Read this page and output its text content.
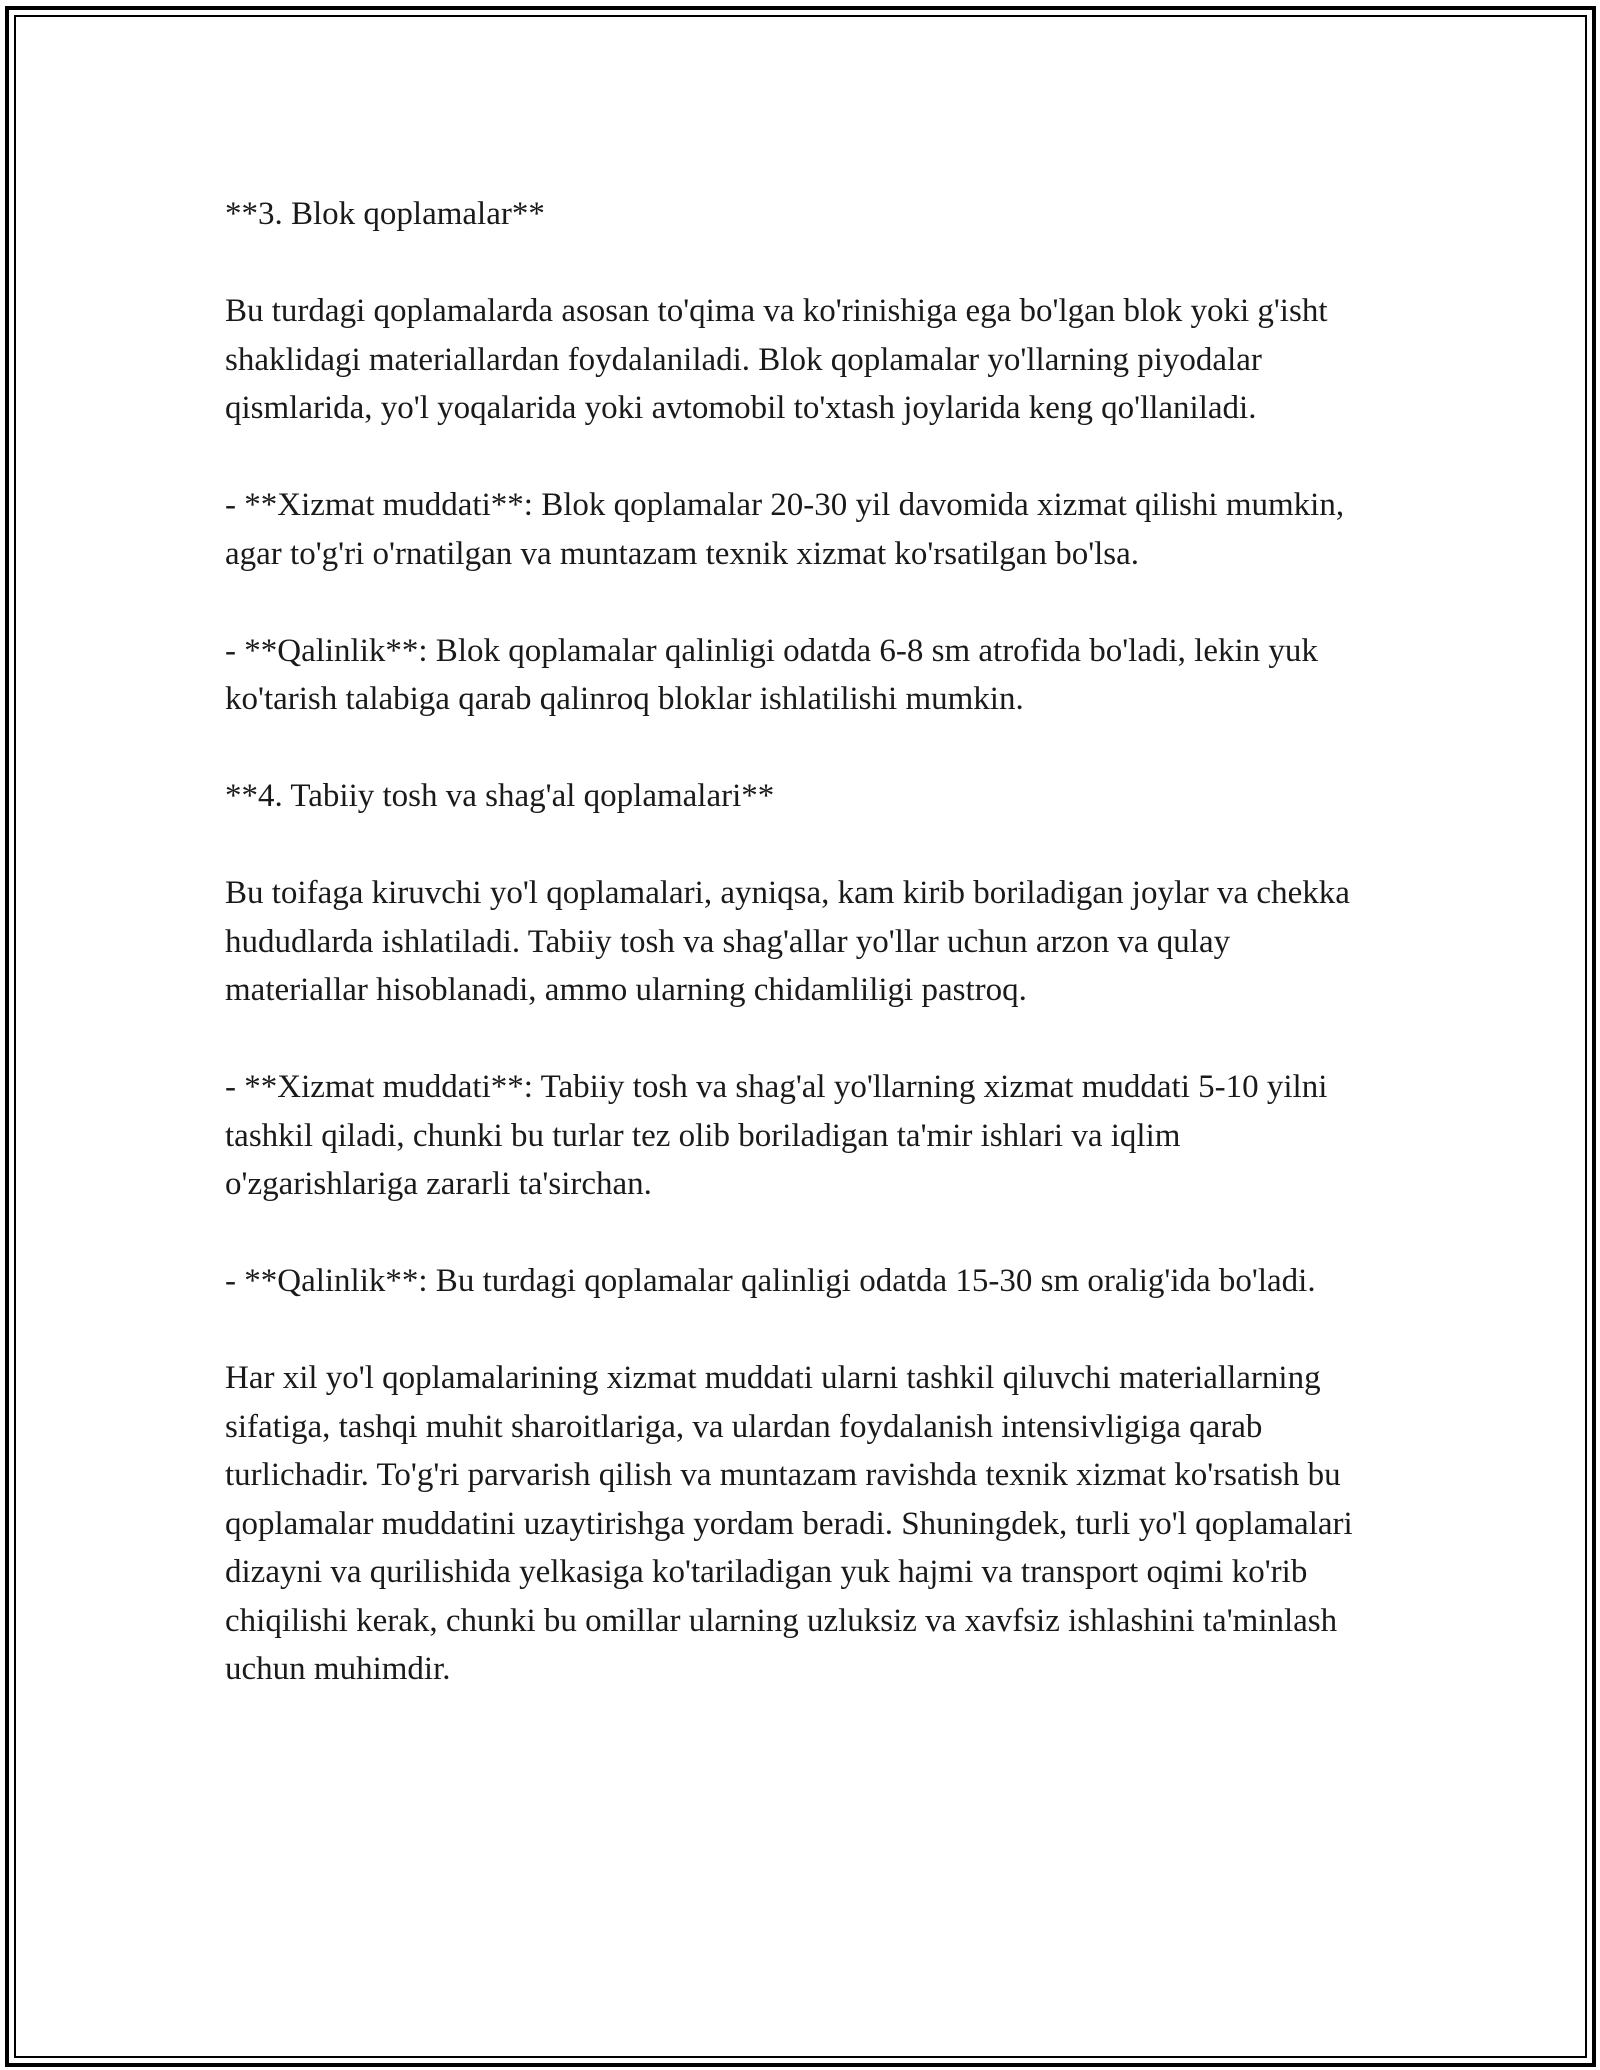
**3. Blok qoplamalar**

Bu turdagi qoplamalarda asosan to'qima va ko'rinishiga ega bo'lgan blok yoki g'isht shaklidagi materiallardan foydalaniladi. Blok qoplamalar yo'llarning piyodalar qismlarida, yo'l yoqalarida yoki avtomobil to'xtash joylarida keng qo'llaniladi.

- **Xizmat muddati**: Blok qoplamalar 20-30 yil davomida xizmat qilishi mumkin, agar to'g'ri o'rnatilgan va muntazam texnik xizmat ko'rsatilgan bo'lsa.

- **Qalinlik**: Blok qoplamalar qalinligi odatda 6-8 sm atrofida bo'ladi, lekin yuk ko'tarish talabiga qarab qalinroq bloklar ishlatilishi mumkin.

**4. Tabiiy tosh va shag'al qoplamalari**

Bu toifaga kiruvchi yo'l qoplamalari, ayniqsa, kam kirib boriladigan joylar va chekka hududlarda ishlatiladi. Tabiiy tosh va shag'allar yo'llar uchun arzon va qulay materiallar hisoblanadi, ammo ularning chidamliligi pastroq.

- **Xizmat muddati**: Tabiiy tosh va shag'al yo'llarning xizmat muddati 5-10 yilni tashkil qiladi, chunki bu turlar tez olib boriladigan ta'mir ishlari va iqlim o'zgarishlariga zararli ta'sirchan.

- **Qalinlik**: Bu turdagi qoplamalar qalinligi odatda 15-30 sm oralig'ida bo'ladi.

Har xil yo'l qoplamalarining xizmat muddati ularni tashkil qiluvchi materiallarning sifatiga, tashqi muhit sharoitlariga, va ulardan foydalanish intensivligiga qarab turlichadir. To'g'ri parvarish qilish va muntazam ravishda texnik xizmat ko'rsatish bu qoplamalar muddatini uzaytirishga yordam beradi. Shuningdek, turli yo'l qoplamalari dizayni va qurilishida yelkasiga ko'tariladigan yuk hajmi va transport oqimi ko'rib chiqilishi kerak, chunki bu omillar ularning uzluksiz va xavfsiz ishlashini ta'minlash uchun muhimdir.
